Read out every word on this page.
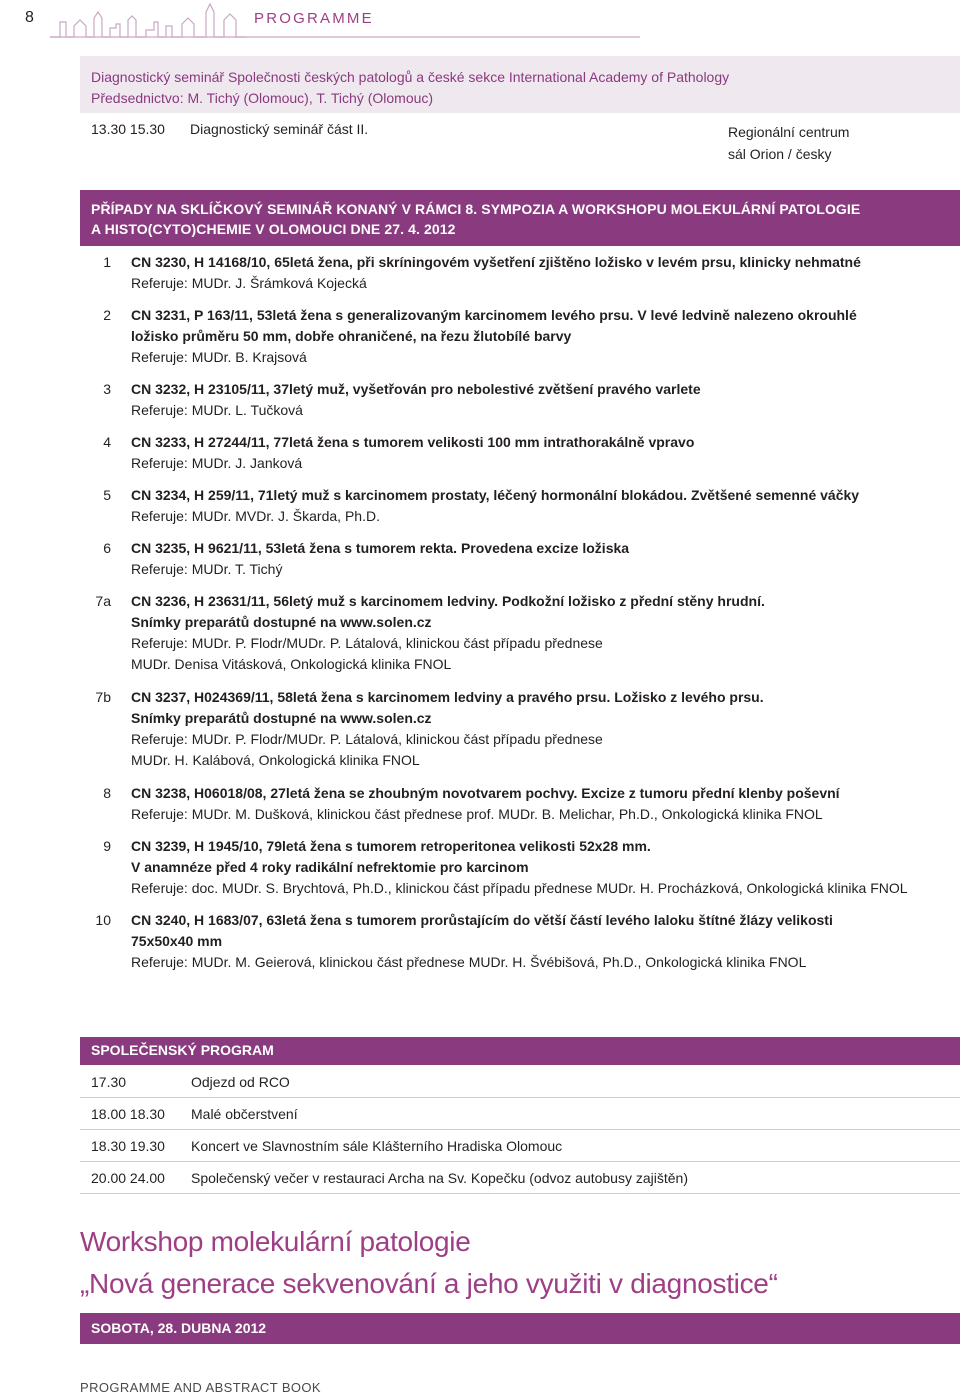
8	PROGRAMME
Diagnostický seminář Společnosti českých patologů a české sekce International Academy of Pathology
Předsednictvo: M. Tichý (Olomouc), T. Tichý (Olomouc)
13.30 15.30 Diagnostický seminář část II.	Regionální centrum
sál Orion / česky
PŘÍPADY NA SKLÍČKOVÝ SEMINÁŘ KONANÝ V RÁMCI 8. SYMPOZIA A WORKSHOPU MOLEKULÁRNÍ PATOLOGIE
A HISTO(CYTO)CHEMIE V OLOMOUCI DNE 27. 4. 2012
1 CN 3230, H 14168/10, 65letá žena, při skríningovém vyšetření zjištěno ložisko v levém prsu, klinicky nehmatné
Referuje: MUDr. J. Šrámková Kojecká
2 CN 3231, P 163/11, 53letá žena s generalizovaným karcinomem levého prsu. V levé ledvině nalezeno okrouhlé
ložisko průměru 50 mm, dobře ohraničené, na řezu žlutobílé barvy
Referuje: MUDr. B. Krajsová
3 CN 3232, H 23105/11, 37letý muž, vyšetřován pro nebolestivé zvětšení pravého varlete
Referuje: MUDr. L. Tučková
4 CN 3233, H 27244/11, 77letá žena s tumorem velikosti 100 mm intrathorakálně vpravo
Referuje: MUDr. J. Janková
5 CN 3234, H 259/11, 71letý muž s karcinomem prostaty, léčený hormonální blokádou. Zvětšené semenné váčky
Referuje: MUDr. MVDr. J. Škarda, Ph.D.
6 CN 3235, H 9621/11, 53letá žena s tumorem rekta. Provedena excize ložiska
Referuje: MUDr. T. Tichý
7a CN 3236, H 23631/11, 56letý muž s karcinomem ledviny. Podkožní ložisko z přední stěny hrudní.
Snímky preparátů dostupné na www.solen.cz
Referuje: MUDr. P. Flodr/MUDr. P. Látalová, klinickou část případu přednese
MUDr. Denisa Vitásková, Onkologická klinika FNOL
7b CN 3237, H024369/11, 58letá žena s karcinomem ledviny a pravého prsu. Ložisko z levého prsu.
Snímky preparátů dostupné na www.solen.cz
Referuje: MUDr. P. Flodr/MUDr. P. Látalová, klinickou část případu přednese
MUDr. H. Kalábová, Onkologická klinika FNOL
8 CN 3238, H06018/08, 27letá žena se zhoubným novotvarem pochvy. Excize z tumoru přední klenby poševní
Referuje: MUDr. M. Dušková, klinickou část přednese prof. MUDr. B. Melichar, Ph.D., Onkologická klinika FNOL
9 CN 3239, H 1945/10, 79letá žena s tumorem retroperitonea velikosti 52x28 mm.
V anamnéze před 4 roky radikální nefrektomie pro karcinom
Referuje: doc. MUDr. S. Brychtová, Ph.D., klinickou část případu přednese MUDr. H. Procházková, Onkologická klinika FNOL
10 CN 3240, H 1683/07, 63letá žena s tumorem prorůstajícím do větší částí levého laloku štítné žlázy velikosti
75x50x40 mm
Referuje: MUDr. M. Geierová, klinickou část přednese MUDr. H. Švébišová, Ph.D., Onkologická klinika FNOL
SPOLEČENSKÝ PROGRAM
17.30	Odjezd od RCO
18.00 18.30 Malé občerstvení
18.30 19.30 Koncert ve Slavnostním sále Klášterního Hradiska Olomouc
20.00 24.00 Společenský večer v restauraci Archa na Sv. Kopečku (odvoz autobusy zajištěn)
Workshop molekulární patologie
„Nová generace sekvenování a jeho využiti v diagnostice“
SOBOTA, 28. DUBNA 2012
PROGRAMME AND ABSTRACT BOOK
